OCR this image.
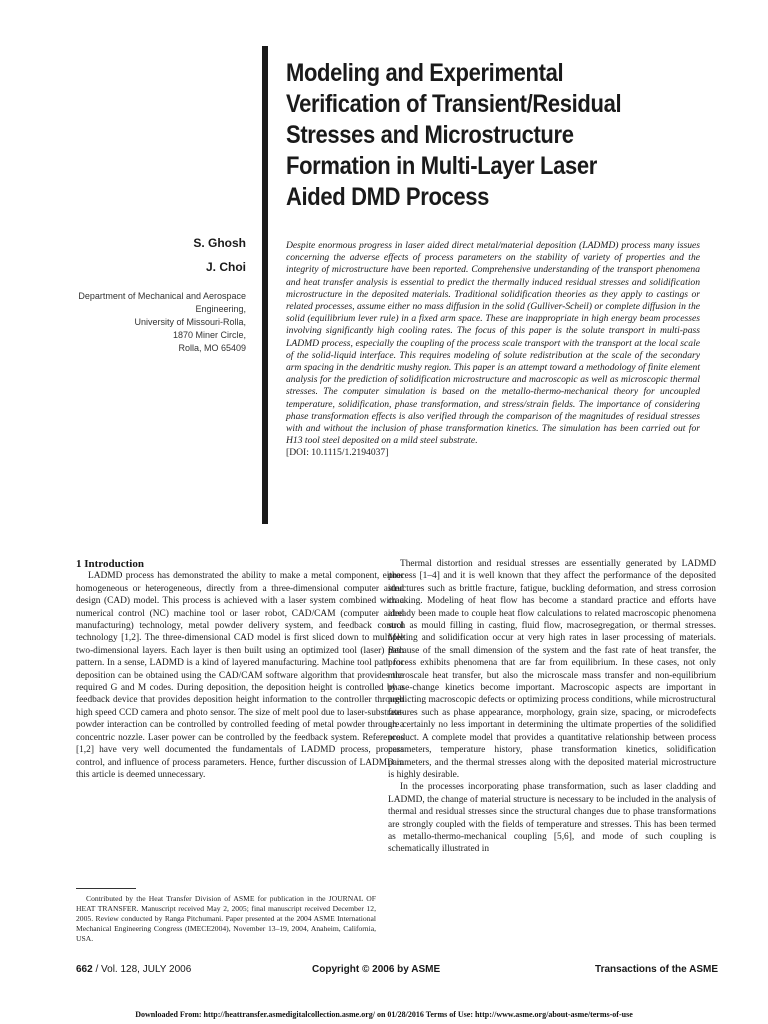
Modeling and Experimental
Verification of Transient/Residual
Stresses and Microstructure
Formation in Multi-Layer Laser
Aided DMD Process
S. Ghosh
J. Choi
Department of Mechanical and Aerospace
Engineering,
University of Missouri-Rolla,
1870 Miner Circle,
Rolla, MO 65409
Despite enormous progress in laser aided direct metal/material deposition (LADMD) process many issues concerning the adverse effects of process parameters on the stability of variety of properties and the integrity of microstructure have been reported. Comprehensive understanding of the transport phenomena and heat transfer analysis is essential to predict the thermally induced residual stresses and solidification microstructure in the deposited materials. Traditional solidification theories as they apply to castings or related processes, assume either no mass diffusion in the solid (Gulliver-Scheil) or complete diffusion in the solid (equilibrium lever rule) in a fixed arm space. These are inappropriate in high energy beam processes involving significantly high cooling rates. The focus of this paper is the solute transport in multi-pass LADMD process, especially the coupling of the process scale transport with the transport at the local scale of the solid-liquid interface. This requires modeling of solute redistribution at the scale of the secondary arm spacing in the dendritic mushy region. This paper is an attempt toward a methodology of finite element analysis for the prediction of solidification microstructure and macroscopic as well as microscopic thermal stresses. The computer simulation is based on the metallo-thermo-mechanical theory for uncoupled temperature, solidification, phase transformation, and stress/strain fields. The importance of considering phase transformation effects is also verified through the comparison of the magnitudes of residual stresses with and without the inclusion of phase transformation kinetics. The simulation has been carried out for H13 tool steel deposited on a mild steel substrate.
[DOI: 10.1115/1.2194037]

1 Introduction

LADMD process has demonstrated the ability to make a metal component, either homogeneous or heterogeneous, directly from a three-dimensional computer aided design (CAD) model. This process is achieved with a laser system combined with a numerical control (NC) machine tool or laser robot, CAD/CAM (computer aided manufacturing) technology, metal powder delivery system, and feedback control technology [1,2]. The three-dimensional CAD model is first sliced down to multiple two-dimensional layers. Each layer is then built using an optimized tool (laser) path pattern. In a sense, LADMD is a kind of layered manufacturing. Machine tool path for deposition can be obtained using the CAD/CAM software algorithm that provides the required G and M codes. During deposition, the deposition height is controlled by a feedback device that provides deposition height information to the controller through high speed CCD camera and photo sensor. The size of melt pool due to laser-substrate-powder interaction can be controlled by controlled feeding of metal powder through a concentric nozzle. Laser power can be controlled by the feedback system. References [1,2] have very well documented the fundamentals of LADMD process, process control, and influence of process parameters. Hence, further discussion of LADMD in this article is deemed unnecessary.

Thermal distortion and residual stresses are essentially generated by LADMD process [1–4] and it is well known that they affect the performance of the deposited structures such as brittle fracture, fatigue, buckling deformation, and stress corrosion cracking. Modeling of heat flow has become a standard practice and efforts have already been made to couple heat flow calculations to related macroscopic phenomena such as mould filling in casting, fluid flow, macrosegregation, or thermal stresses. Melting and solidification occur at very high rates in laser processing of materials. Because of the small dimension of the system and the fast rate of heat transfer, the process exhibits phenomena that are far from equilibrium. In these cases, not only microscale heat transfer, but also the microscale mass transfer and non-equilibrium phase-change kinetics become important. Macroscopic aspects are important in predicting macroscopic defects or optimizing process conditions, while microstructural features such as phase appearance, morphology, grain size, spacing, or microdefects are certainly no less important in determining the ultimate properties of the solidified product. A complete model that provides a quantitative relationship between process parameters, temperature history, phase transformation kinetics, solidification parameters, and the thermal stresses along with the deposited material microstructure is highly desirable.

In the processes incorporating phase transformation, such as laser cladding and LADMD, the change of material structure is necessary to be included in the analysis of thermal and residual stresses since the structural changes due to phase transformations are strongly coupled with the fields of temperature and stresses. This has been termed as metallo-thermo-mechanical coupling [5,6], and mode of such coupling is schematically illustrated in

Contributed by the Heat Transfer Division of ASME for publication in the JOURNAL OF HEAT TRANSFER. Manuscript received May 2, 2005; final manuscript received December 12, 2005. Review conducted by Ranga Pitchumani. Paper presented at the 2004 ASME International Mechanical Engineering Congress (IMECE2004), November 13–19, 2004, Anaheim, California, USA.
662 / Vol. 128, JULY 2006	Copyright © 2006 by ASME	Transactions of the ASME
Downloaded From: http://heattransfer.asmedigitalcollection.asme.org/ on 01/28/2016 Terms of Use: http://www.asme.org/about-asme/terms-of-use
